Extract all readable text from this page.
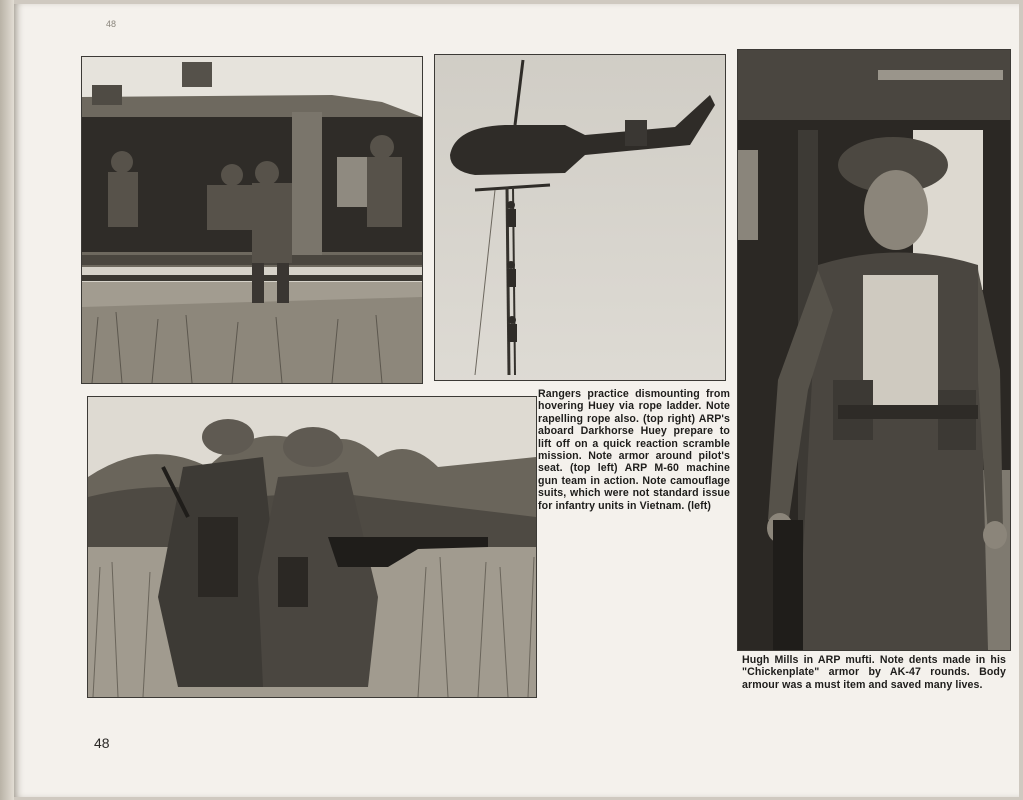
48
Rangers practice dismounting from hovering Huey via rope ladder. Note rapelling rope also. (top right) ARP's aboard Darkhorse Huey prepare to lift off on a quick reaction scramble mission. Note armor around pilot's seat. (top left) ARP M-60 machine gun team in action. Note camouflage suits, which were not standard issue for infantry units in Vietnam. (left)
Hugh Mills in ARP mufti. Note dents made in his "Chickenplate" armor by AK-47 rounds. Body armour was a must item and saved many lives.
48
